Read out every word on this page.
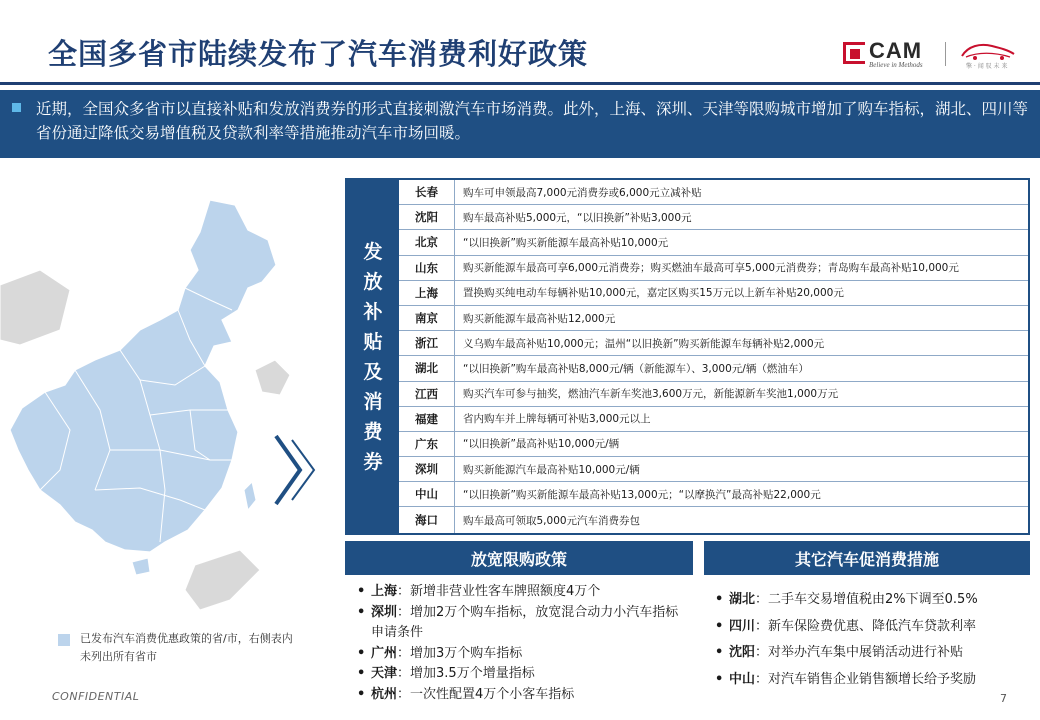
全国多省市陆续发布了汽车消费利好政策	CAM
Believe in Methods	擎 · 闻 驭 未 来
近期，全国众多省市以直接补贴和发放消费券的形式直接刺激汽车市场消费。此外，上海、深圳、天津等限购城市增加了购车指标，湖北、四川等省份通过降低交易增值税及贷款利率等措施推动汽车市场回暖。
发
放
补
贴
及
消
费
券
长春	购车可申领最高7,000元消费券或6,000元立减补贴
沈阳	购车最高补贴5,000元，“以旧换新”补贴3,000元
北京	“以旧换新”购买新能源车最高补贴10,000元
山东	购买新能源车最高可享6,000元消费券；购买燃油车最高可享5,000元消费券；青岛购车最高补贴10,000元
上海	置换购买纯电动车每辆补贴10,000元，嘉定区购买15万元以上新车补贴20,000元
南京	购买新能源车最高补贴12,000元
浙江	义乌购车最高补贴10,000元；温州“以旧换新”购买新能源车每辆补贴2,000元
湖北	“以旧换新”购车最高补贴8,000元/辆（新能源车）、3,000元/辆（燃油车）
江西	购买汽车可参与抽奖，燃油汽车新车奖池3,600万元，新能源新车奖池1,000万元
福建	省内购车并上牌每辆可补贴3,000元以上
广东	“以旧换新”最高补贴10,000元/辆
深圳	购买新能源汽车最高补贴10,000元/辆
中山	“以旧换新”购买新能源车最高补贴13,000元；“以摩换汽”最高补贴22,000元
海口	购车最高可领取5,000元汽车消费券包
放宽限购政策	其它汽车促消费措施
• 上海：新增非营业性客车牌照额度4万个
• 深圳：增加2万个购车指标，放宽混合动力小汽车指标申请条件
• 广州：增加3万个购车指标
• 天津：增加3.5万个增量指标
• 杭州：一次性配置4万个小客车指标
• 湖北：二手车交易增值税由2%下调至0.5%
• 四川：新车保险费优惠、降低汽车贷款利率
• 沈阳：对举办汽车集中展销活动进行补贴
• 中山：对汽车销售企业销售额增长给予奖励
已发布汽车消费优惠政策的省/市，右侧表内未列出所有省市
CONFIDENTIAL	7
